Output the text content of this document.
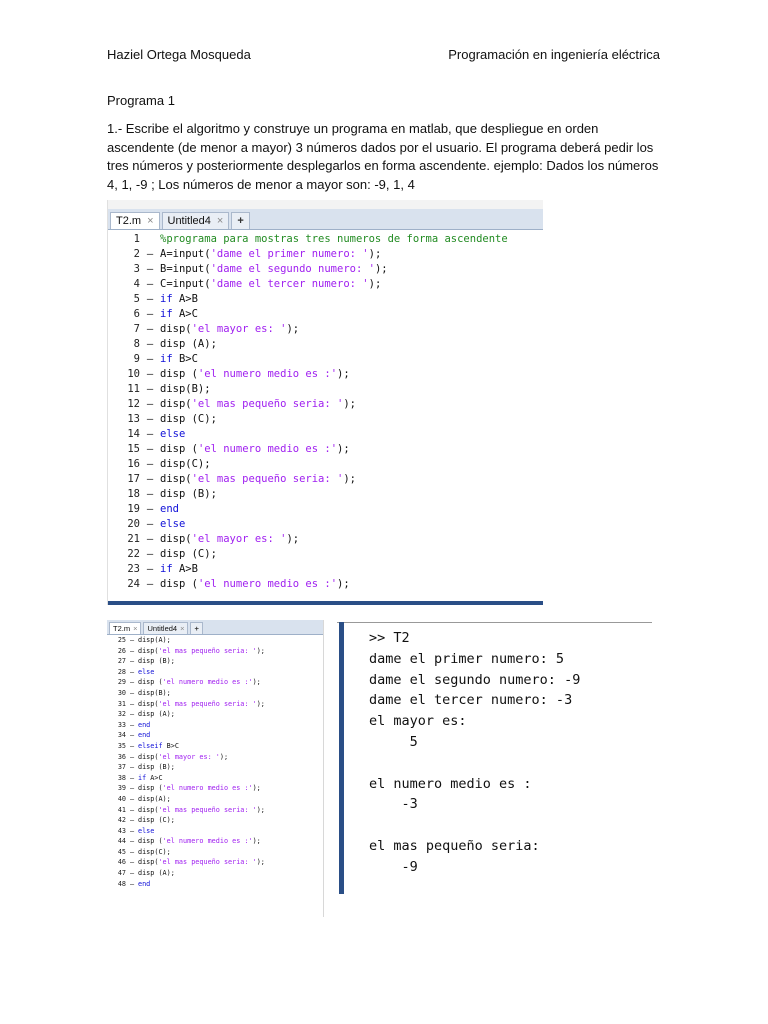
Haziel Ortega Mosqueda	Programación en ingeniería eléctrica
Programa 1
1.- Escribe el algoritmo y construye un programa en matlab, que despliegue en orden ascendente (de menor a mayor) 3 números dados por el usuario. El programa deberá pedir los tres números y posteriormente desplegarlos en forma ascendente. ejemplo: Dados los números 4, 1, -9 ; Los números de menor a mayor son: -9, 1, 4
T2.m × Untitled4 ×	+
1 %programa para mostras tres numeros de forma ascendente
2 – A=input('dame el primer numero: ');
3 – B=input('dame el segundo numero: ');
4 – C=input('dame el tercer numero: ');
5 – if A>B
6 – if A>C
7 – disp('el mayor es: ');
8 – disp (A);
9 – if B>C
10 – disp ('el numero medio es :');
11 – disp(B);
12 – disp('el mas pequeño seria: ');
13 – disp (C);
14 – else
15 – disp ('el numero medio es :');
16 – disp(C);
17 – disp('el mas pequeño seria: ');
18 – disp (B);
19 – end
20 – else
21 – disp('el mayor es: ');
22 – disp (C);
23 – if A>B
24 – disp ('el numero medio es :');
T2.m × Untitled4 ×	+
25 – disp(A);
26 – disp('el mas pequeño seria: ');
27 – disp (B);
28 – else
29 – disp ('el numero medio es :');
30 – disp(B);
31 – disp('el mas pequeño seria: ');
32 – disp (A);
33 – end
34 – end
35 – elseif B>C
36 – disp('el mayor es: ');
37 – disp (B);
38 – if A>C
39 – disp ('el numero medio es :');
40 – disp(A);
41 – disp('el mas pequeño seria: ');
42 – disp (C);
43 – else
44 – disp ('el numero medio es :');
45 – disp(C);
46 – disp('el mas pequeño seria: ');
47 – disp (A);
48 – end
>> T2
dame el primer numero: 5
dame el segundo numero: -9
dame el tercer numero: -3
el mayor es:
5
el numero medio es :
-3
el mas pequeño seria:
-9
